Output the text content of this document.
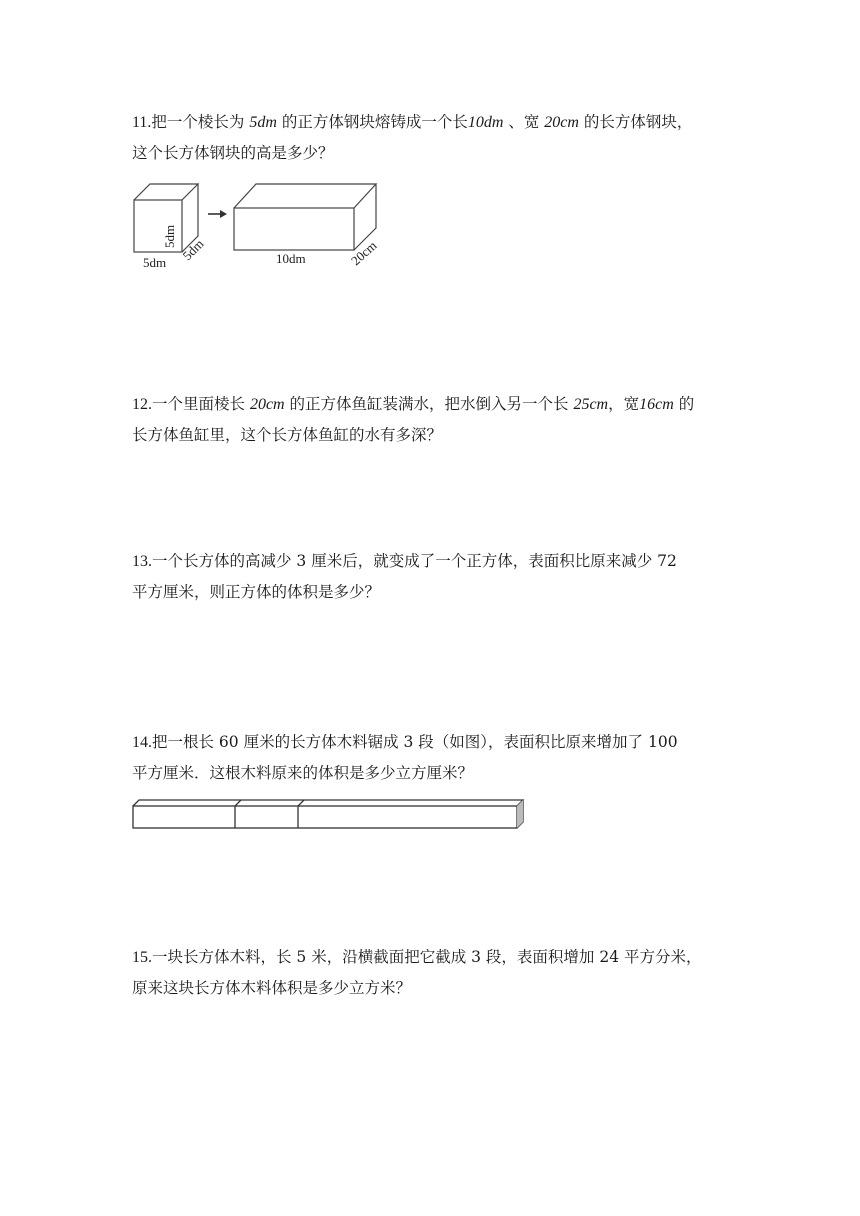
11.把一个棱长为 5dm 的正方体钢块熔铸成一个长10dm 、宽 20cm 的长方体钢块，
这个长方体钢块的高是多少？
5dm 5dm
5dm	10dm	20cm
12.一个里面棱长 20cm 的正方体鱼缸装满水，把水倒入另一个长 25cm，宽16cm 的
长方体鱼缸里，这个长方体鱼缸的水有多深？
13.一个长方体的高减少 3 厘米后，就变成了一个正方体，表面积比原来减少 72
平方厘米，则正方体的体积是多少？
14.把一根长 60 厘米的长方体木料锯成 3 段（如图），表面积比原来增加了 100
平方厘米．这根木料原来的体积是多少立方厘米？
15.一块长方体木料，长 5 米，沿横截面把它截成 3 段，表面积增加 24 平方分米，
原来这块长方体木料体积是多少立方米？
